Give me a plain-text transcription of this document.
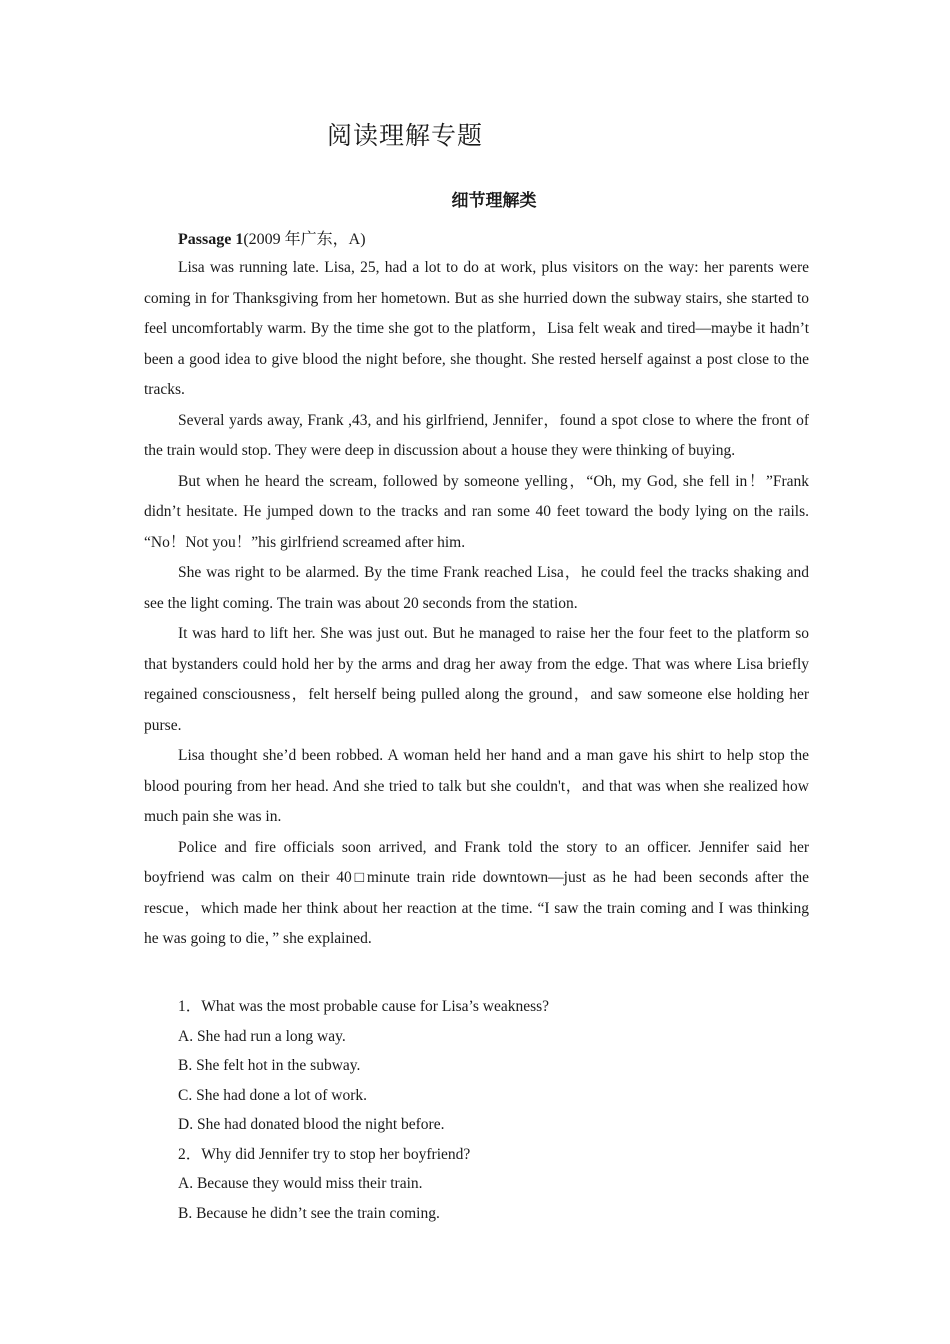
阅读理解专题
细节理解类
Passage 1(2009 年广东，A)

Lisa was running late. Lisa, 25, had a lot to do at work, plus visitors on the way: her parents were coming in for Thanksgiving from her hometown. But as she hurried down the subway stairs, she started to feel uncomfortably warm. By the time she got to the platform，Lisa felt weak and tired—maybe it hadn’t been a good idea to give blood the night before, she thought. She rested herself against a post close to the tracks.

Several yards away, Frank ,43, and his girlfriend, Jennifer，found a spot close to where the front of the train would stop. They were deep in discussion about a house they were thinking of buying.

But when he heard the scream, followed by someone yelling，“Oh, my God, she fell in！”Frank didn’t hesitate. He jumped down to the tracks and ran some 40 feet toward the body lying on the rails. “No！Not you！”his girlfriend screamed after him.

She was right to be alarmed. By the time Frank reached Lisa，he could feel the tracks shaking and see the light coming. The train was about 20 seconds from the station.

It was hard to lift her. She was just out. But he managed to raise her the four feet to the platform so that bystanders could hold her by the arms and drag her away from the edge. That was where Lisa briefly regained consciousness，felt herself being pulled along the ground，and saw someone else holding her purse.

Lisa thought she’d been robbed. A woman held her hand and a man gave his shirt to help stop the blood pouring from her head. And she tried to talk but she couldn't，and that was when she realized how much pain she was in.

Police and fire officials soon arrived, and Frank told the story to an officer. Jennifer said her boyfriend was calm on their 40□minute train ride downtown—just as he had been seconds after the rescue，which made her think about her reaction at the time. “I saw the train coming and I was thinking he was going to die，” she explained.

1．What was the most probable cause for Lisa’s weakness?
A. She had run a long way.
B. She felt hot in the subway.
C. She had done a lot of work.
D. She had donated blood the night before.
2．Why did Jennifer try to stop her boyfriend?
A. Because they would miss their train.
B. Because he didn’t see the train coming.
